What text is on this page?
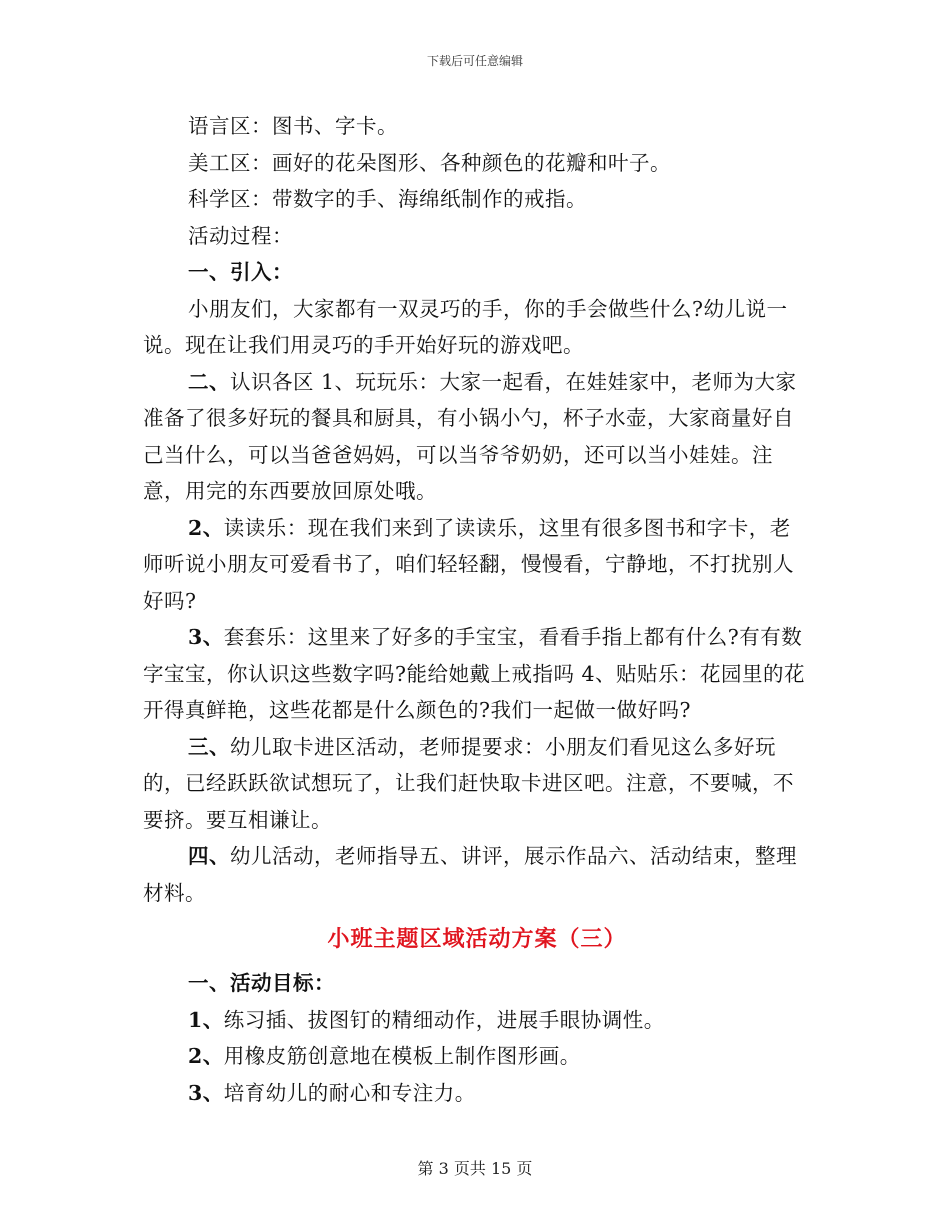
下载后可任意编辑

语言区：图书、字卡。

美工区：画好的花朵图形、各种颜色的花瓣和叶子。

科学区：带数字的手、海绵纸制作的戒指。

活动过程：

一、引入：

小朋友们，大家都有一双灵巧的手，你的手会做些什么?幼儿说一说。现在让我们用灵巧的手开始好玩的游戏吧。

二、认识各区 1、玩玩乐：大家一起看，在娃娃家中，老师为大家准备了很多好玩的餐具和厨具，有小锅小勺，杯子水壶，大家商量好自己当什么，可以当爸爸妈妈，可以当爷爷奶奶，还可以当小娃娃。注意，用完的东西要放回原处哦。

2、读读乐：现在我们来到了读读乐，这里有很多图书和字卡，老师听说小朋友可爱看书了，咱们轻轻翻，慢慢看，宁静地，不打扰别人好吗?

3、套套乐：这里来了好多的手宝宝，看看手指上都有什么?有有数字宝宝，你认识这些数字吗?能给她戴上戒指吗 4、贴贴乐：花园里的花开得真鲜艳，这些花都是什么颜色的?我们一起做一做好吗?

三、幼儿取卡进区活动，老师提要求：小朋友们看见这么多好玩的，已经跃跃欲试想玩了，让我们赶快取卡进区吧。注意，不要喊，不要挤。要互相谦让。

四、幼儿活动，老师指导五、讲评，展示作品六、活动结束，整理材料。

小班主题区域活动方案（三）

一、活动目标：

1、练习插、拔图钉的精细动作，进展手眼协调性。

2、用橡皮筋创意地在模板上制作图形画。

3、培育幼儿的耐心和专注力。

第 3 页共 15 页
